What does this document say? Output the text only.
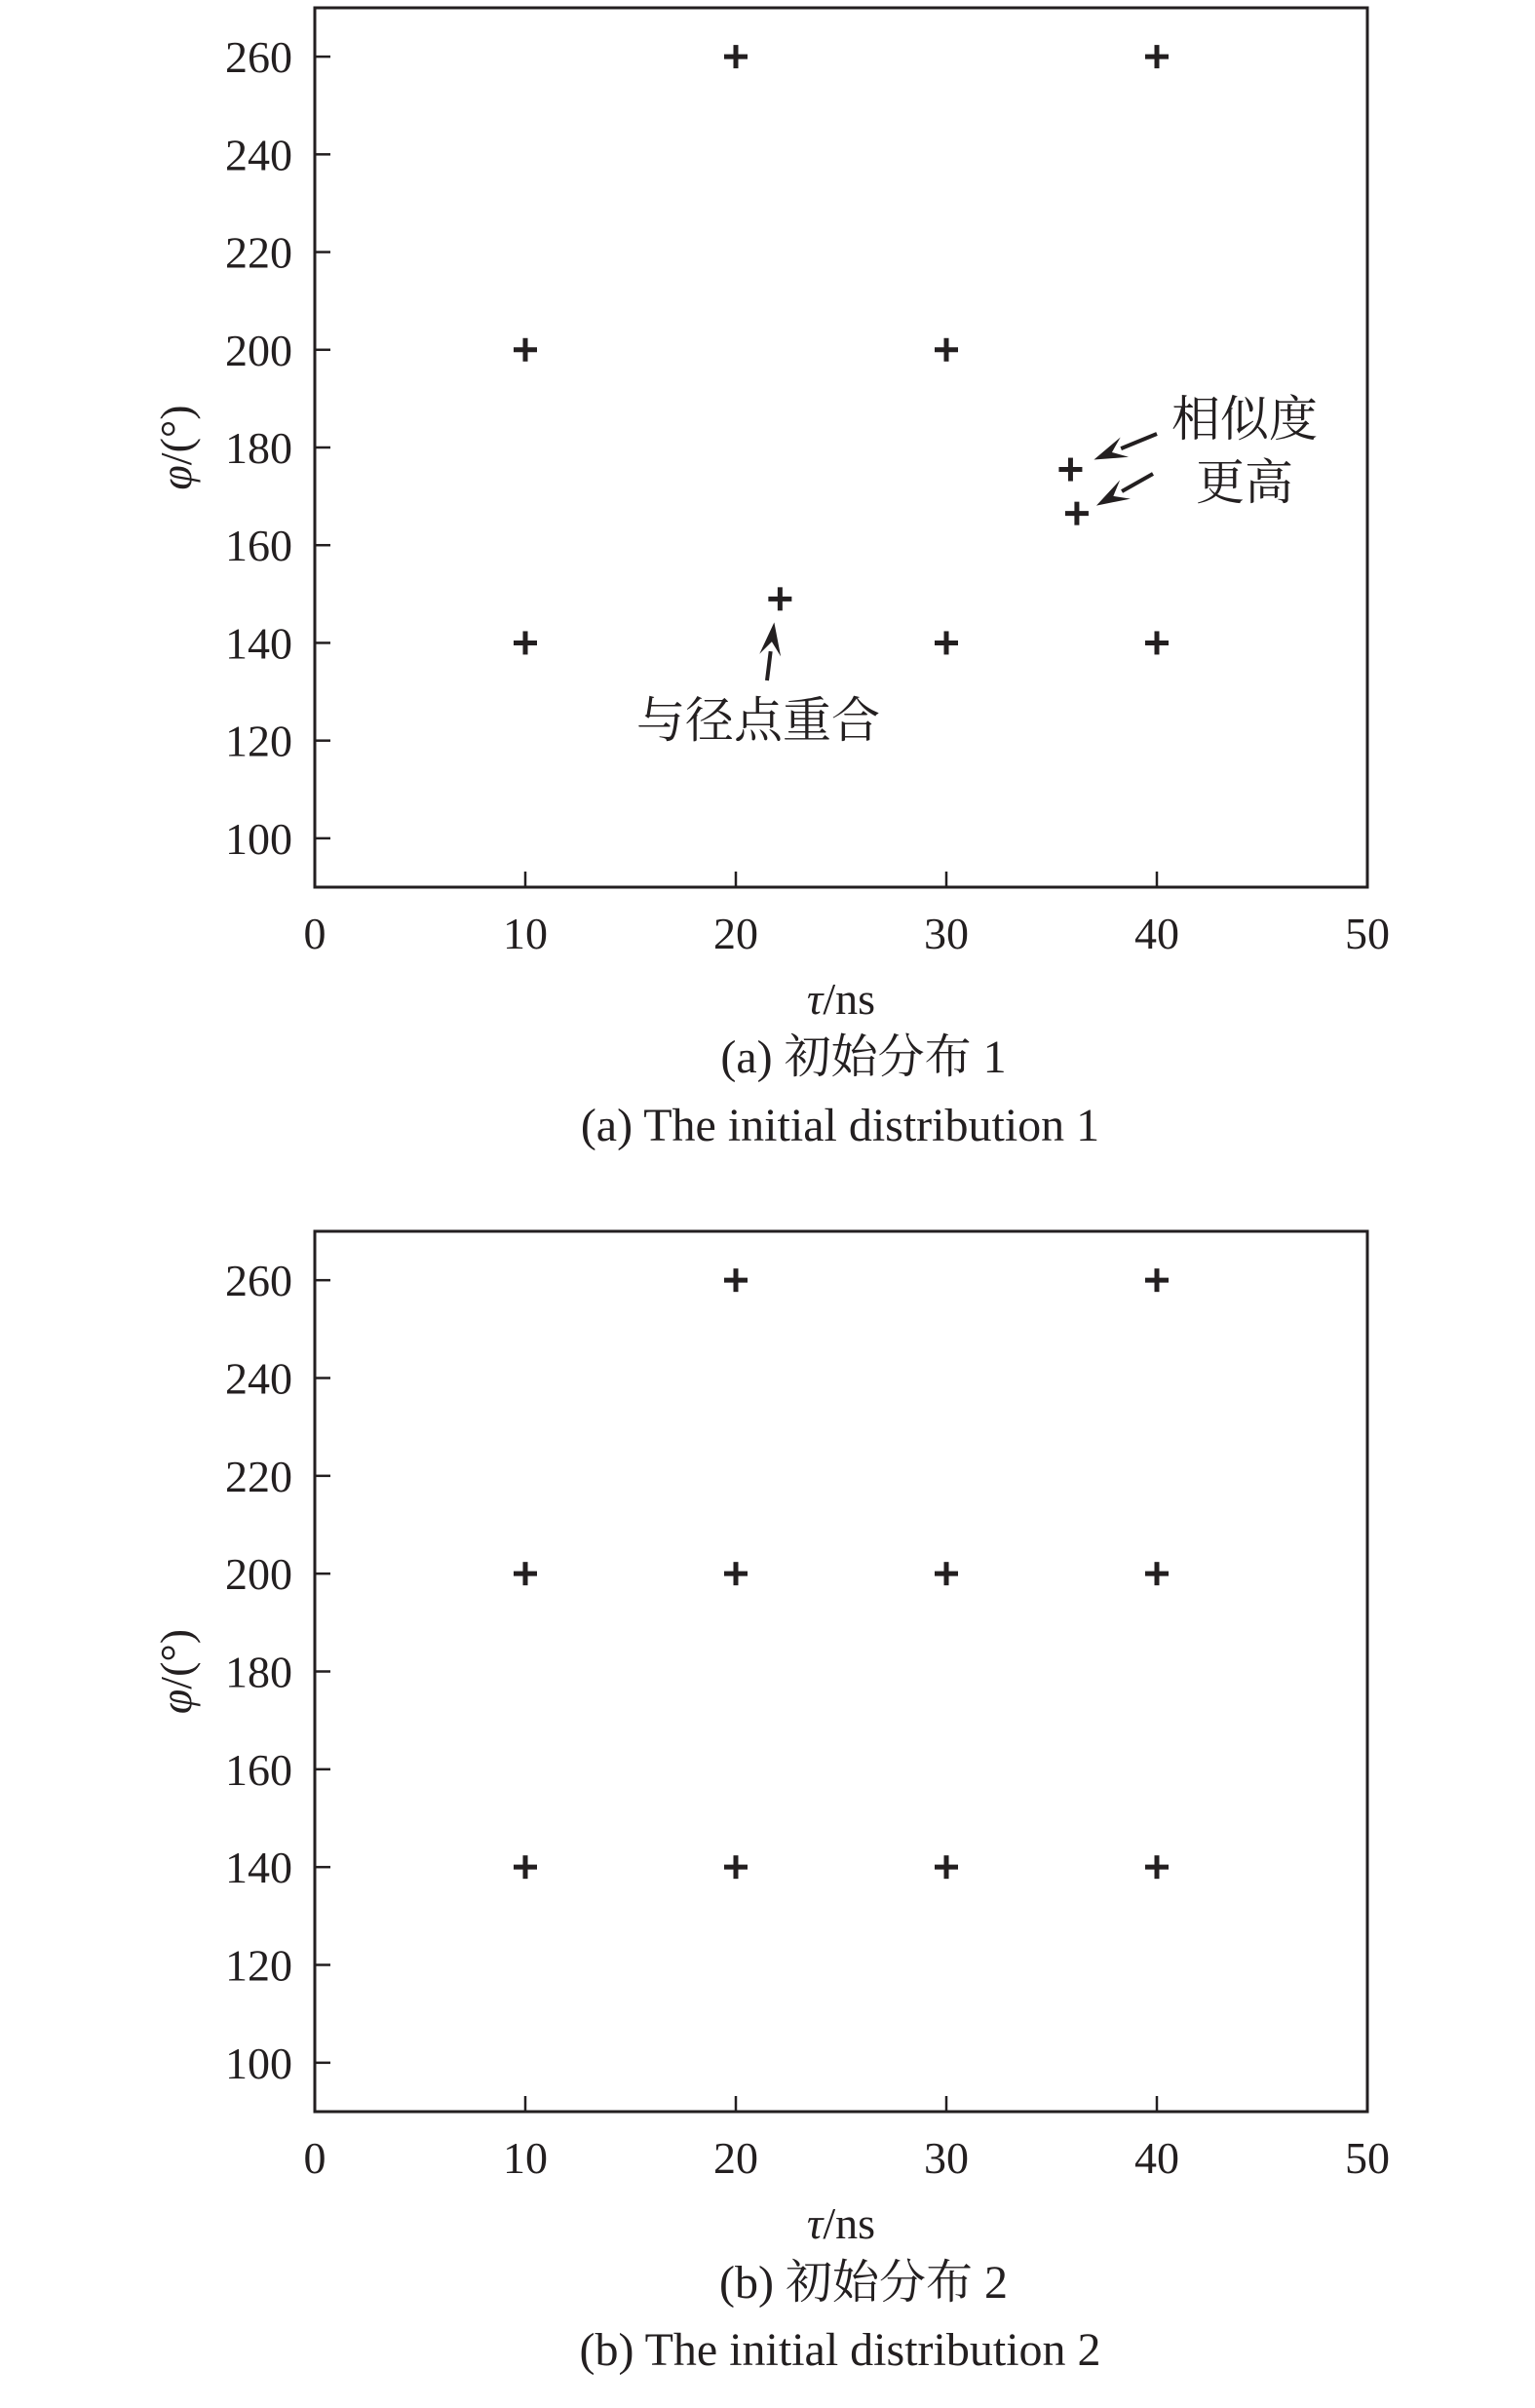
0	10	20	30	40	50
100
120
140
160
180
200
220
240
260
τ/ns
φ/(°)	相似度
更高
与径点重合
(a) 初始分布 1
(a) The initial distribution 1
0	10	20	30	40	50
100
120
140
160
180
200
220
240
260
τ/ns
φ/(°)
(b) 初始分布 2
(b) The initial distribution 2
